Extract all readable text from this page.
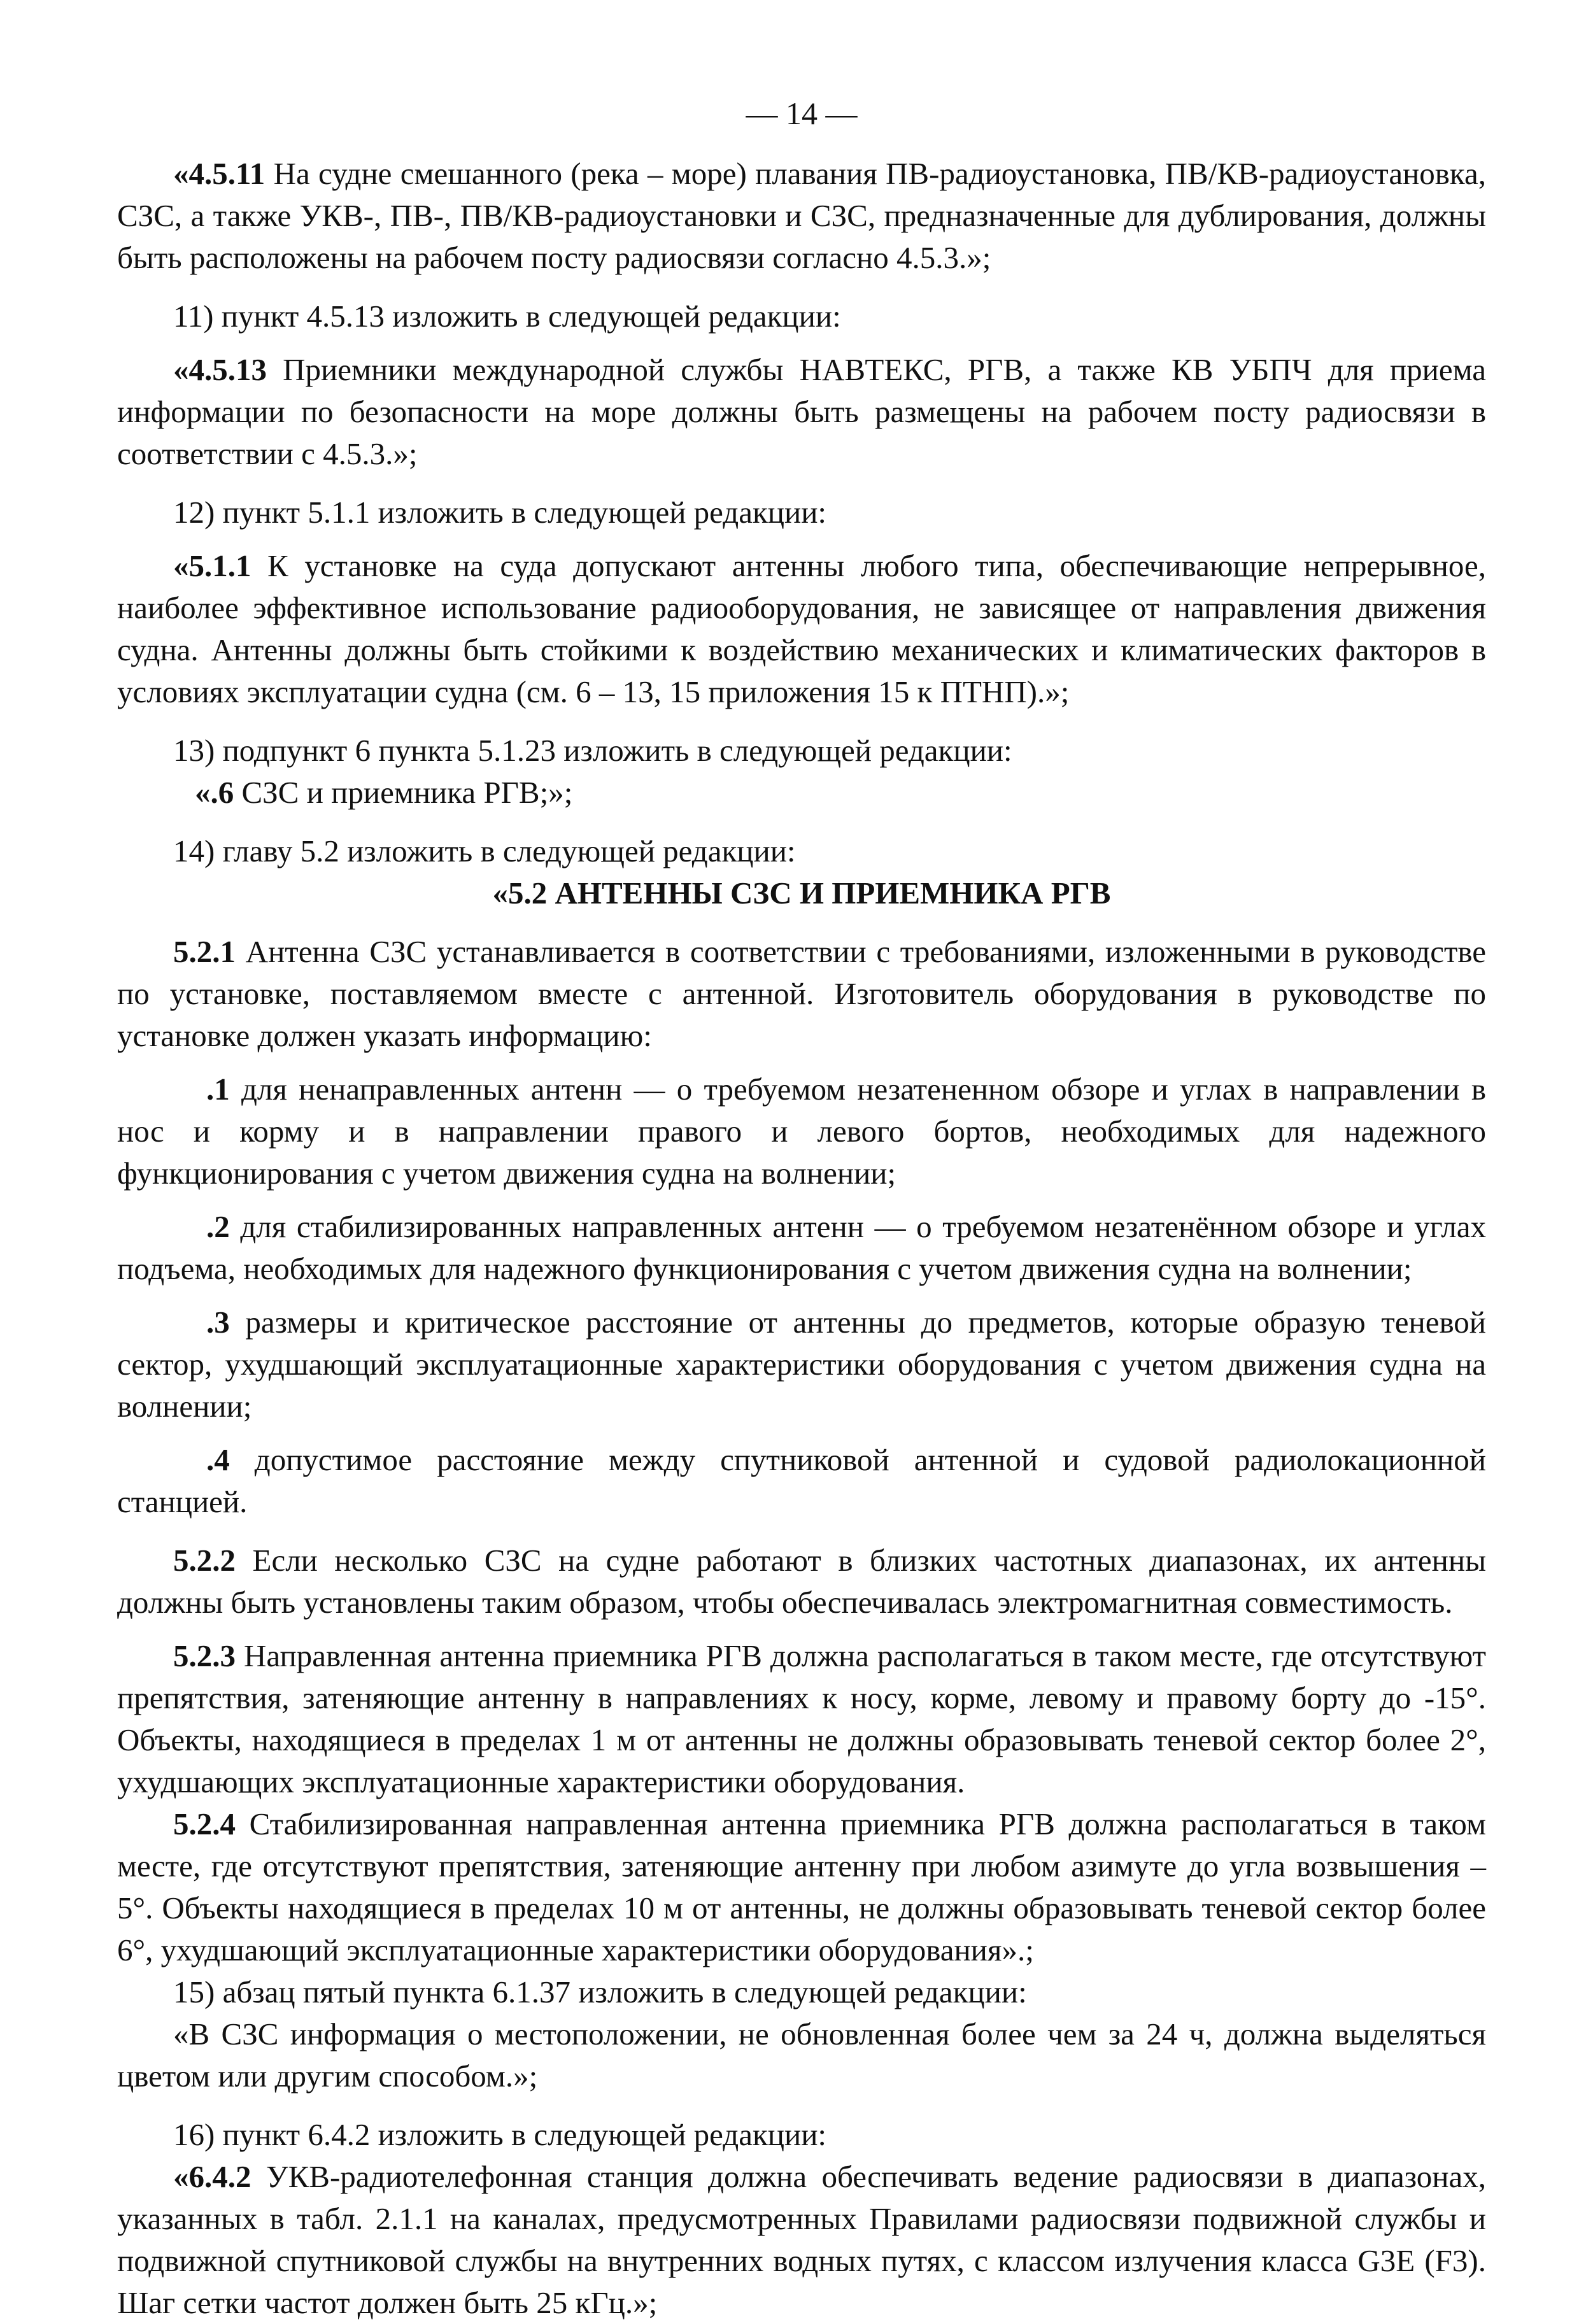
— 14 —

«4.5.11 На судне смешанного (река – море) плавания ПВ-радиоустановка, ПВ/КВ-радиоустановка, СЗС, а также УКВ-, ПВ-, ПВ/КВ-радиоустановки и СЗС, предназначенные для дублирования, должны быть расположены на рабочем посту радиосвязи согласно 4.5.3.»;

11) пункт 4.5.13 изложить в следующей редакции:

«4.5.13 Приемники международной службы НАВТЕКС, РГВ, а также КВ УБПЧ для приема информации по безопасности на море должны быть размещены на рабочем посту радиосвязи в соответствии с 4.5.3.»;

12) пункт 5.1.1 изложить в следующей редакции:

«5.1.1 К установке на суда допускают антенны любого типа, обеспечивающие непрерывное, наиболее эффективное использование радиооборудования, не зависящее от направления движения судна. Антенны должны быть стойкими к воздействию механических и климатических факторов в условиях эксплуатации судна (см. 6 – 13, 15 приложения 15 к ПТНП).»;

13) подпункт 6 пункта 5.1.23 изложить в следующей редакции:

«.6 СЗС и приемника РГВ;»;

14) главу 5.2 изложить в следующей редакции:

«5.2 АНТЕННЫ СЗС И ПРИЕМНИКА РГВ

5.2.1 Антенна СЗС устанавливается в соответствии с требованиями, изложенными в руководстве по установке, поставляемом вместе с антенной. Изготовитель оборудования в руководстве по установке должен указать информацию:

.1 для ненаправленных антенн — о требуемом незатененном обзоре и углах в направлении в нос и корму и в направлении правого и левого бортов, необходимых для надежного функционирования с учетом движения судна на волнении;

.2 для стабилизированных направленных антенн — о требуемом незатенённом обзоре и углах подъема, необходимых для надежного функционирования с учетом движения судна на волнении;

.3 размеры и критическое расстояние от антенны до предметов, которые образую теневой сектор, ухудшающий эксплуатационные характеристики оборудования с учетом движения судна на волнении;

.4 допустимое расстояние между спутниковой антенной и судовой радиолокационной станцией.

5.2.2 Если несколько СЗС на судне работают в близких частотных диапазонах, их антенны должны быть установлены таким образом, чтобы обеспечивалась электромагнитная совместимость.

5.2.3 Направленная антенна приемника РГВ должна располагаться в таком месте, где отсутствуют препятствия, затеняющие антенну в направлениях к носу, корме, левому и правому борту до -15°. Объекты, находящиеся в пределах 1 м от антенны не должны образовывать теневой сектор более 2°, ухудшающих эксплуатационные характеристики оборудования.

5.2.4 Стабилизированная направленная антенна приемника РГВ должна располагаться в таком месте, где отсутствуют препятствия, затеняющие антенну при любом азимуте до угла возвышения –5°. Объекты находящиеся в пределах 10 м от антенны, не должны образовывать теневой сектор более 6°, ухудшающий эксплуатационные характеристики оборудования».;

15) абзац пятый пункта 6.1.37 изложить в следующей редакции:

«В СЗС информация о местоположении, не обновленная более чем за 24 ч, должна выделяться цветом или другим способом.»;

16) пункт 6.4.2 изложить в следующей редакции:

«6.4.2 УКВ-радиотелефонная станция должна обеспечивать ведение радиосвязи в диапазонах, указанных в табл. 2.1.1 на каналах, предусмотренных Правилами радиосвязи подвижной службы и подвижной спутниковой службы на внутренних водных путях, с классом излучения класса G3E (F3). Шаг сетки частот должен быть 25 кГц.»;
